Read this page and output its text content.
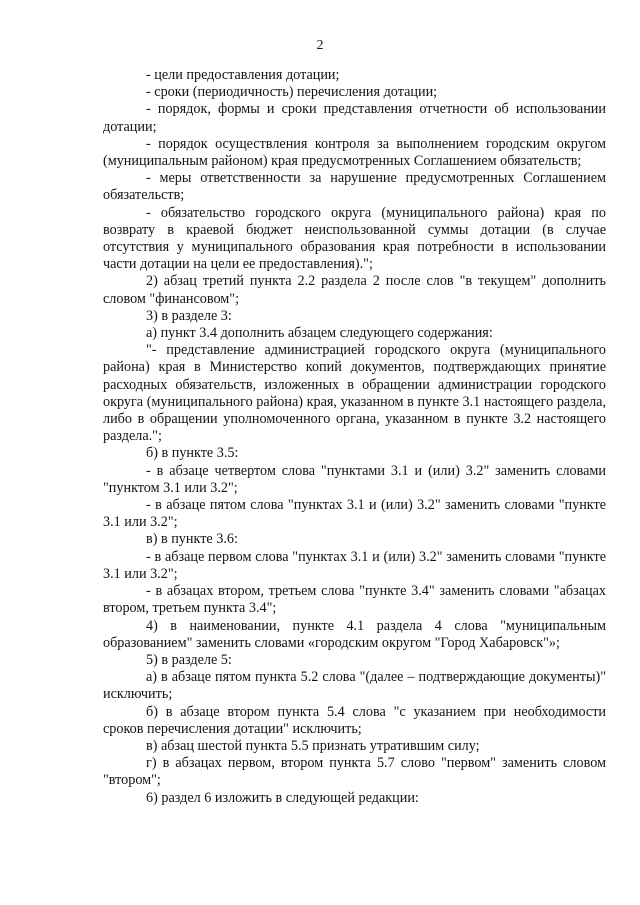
2

- цели предоставления дотации;

- сроки (периодичность) перечисления дотации;

- порядок, формы и сроки представления отчетности об использовании дотации;

- порядок осуществления контроля за выполнением городским округом (муниципальным районом) края предусмотренных Соглашением обязательств;

- меры ответственности за нарушение предусмотренных Соглашением обязательств;

- обязательство городского округа (муниципального района) края по возврату в краевой бюджет неиспользованной суммы дотации (в случае отсутствия у муниципального образования края потребности в использовании части дотации на цели ее предоставления).";

2) абзац третий пункта 2.2 раздела 2 после слов "в текущем" дополнить словом "финансовом";

3) в разделе 3:

а) пункт 3.4 дополнить абзацем следующего содержания:

"- представление администрацией городского округа (муниципального района) края в Министерство копий документов, подтверждающих принятие расходных обязательств, изложенных в обращении администрации городского округа (муниципального района) края, указанном в пункте 3.1 настоящего раздела, либо в обращении уполномоченного органа, указанном в пункте 3.2 настоящего раздела.";

б) в пункте 3.5:

- в абзаце четвертом слова "пунктами 3.1 и (или) 3.2" заменить словами "пунктом 3.1 или 3.2";

- в абзаце пятом слова "пунктах 3.1 и (или) 3.2" заменить словами "пункте 3.1 или 3.2";

в) в пункте 3.6:

- в абзаце первом слова "пунктах 3.1 и (или) 3.2" заменить словами "пункте 3.1 или 3.2";

- в абзацах втором, третьем слова "пункте 3.4" заменить словами "абзацах втором, третьем пункта 3.4";

4) в наименовании, пункте 4.1 раздела 4 слова "муниципальным образованием" заменить словами «городским округом "Город Хабаровск"»;

5) в разделе 5:

а) в абзаце пятом пункта 5.2 слова "(далее – подтверждающие документы)" исключить;

б) в абзаце втором пункта 5.4 слова "с указанием при необходимости сроков перечисления дотации" исключить;

в) абзац шестой пункта 5.5 признать утратившим силу;

г) в абзацах первом, втором пункта 5.7 слово "первом" заменить словом "втором";

6) раздел 6 изложить в следующей редакции:
